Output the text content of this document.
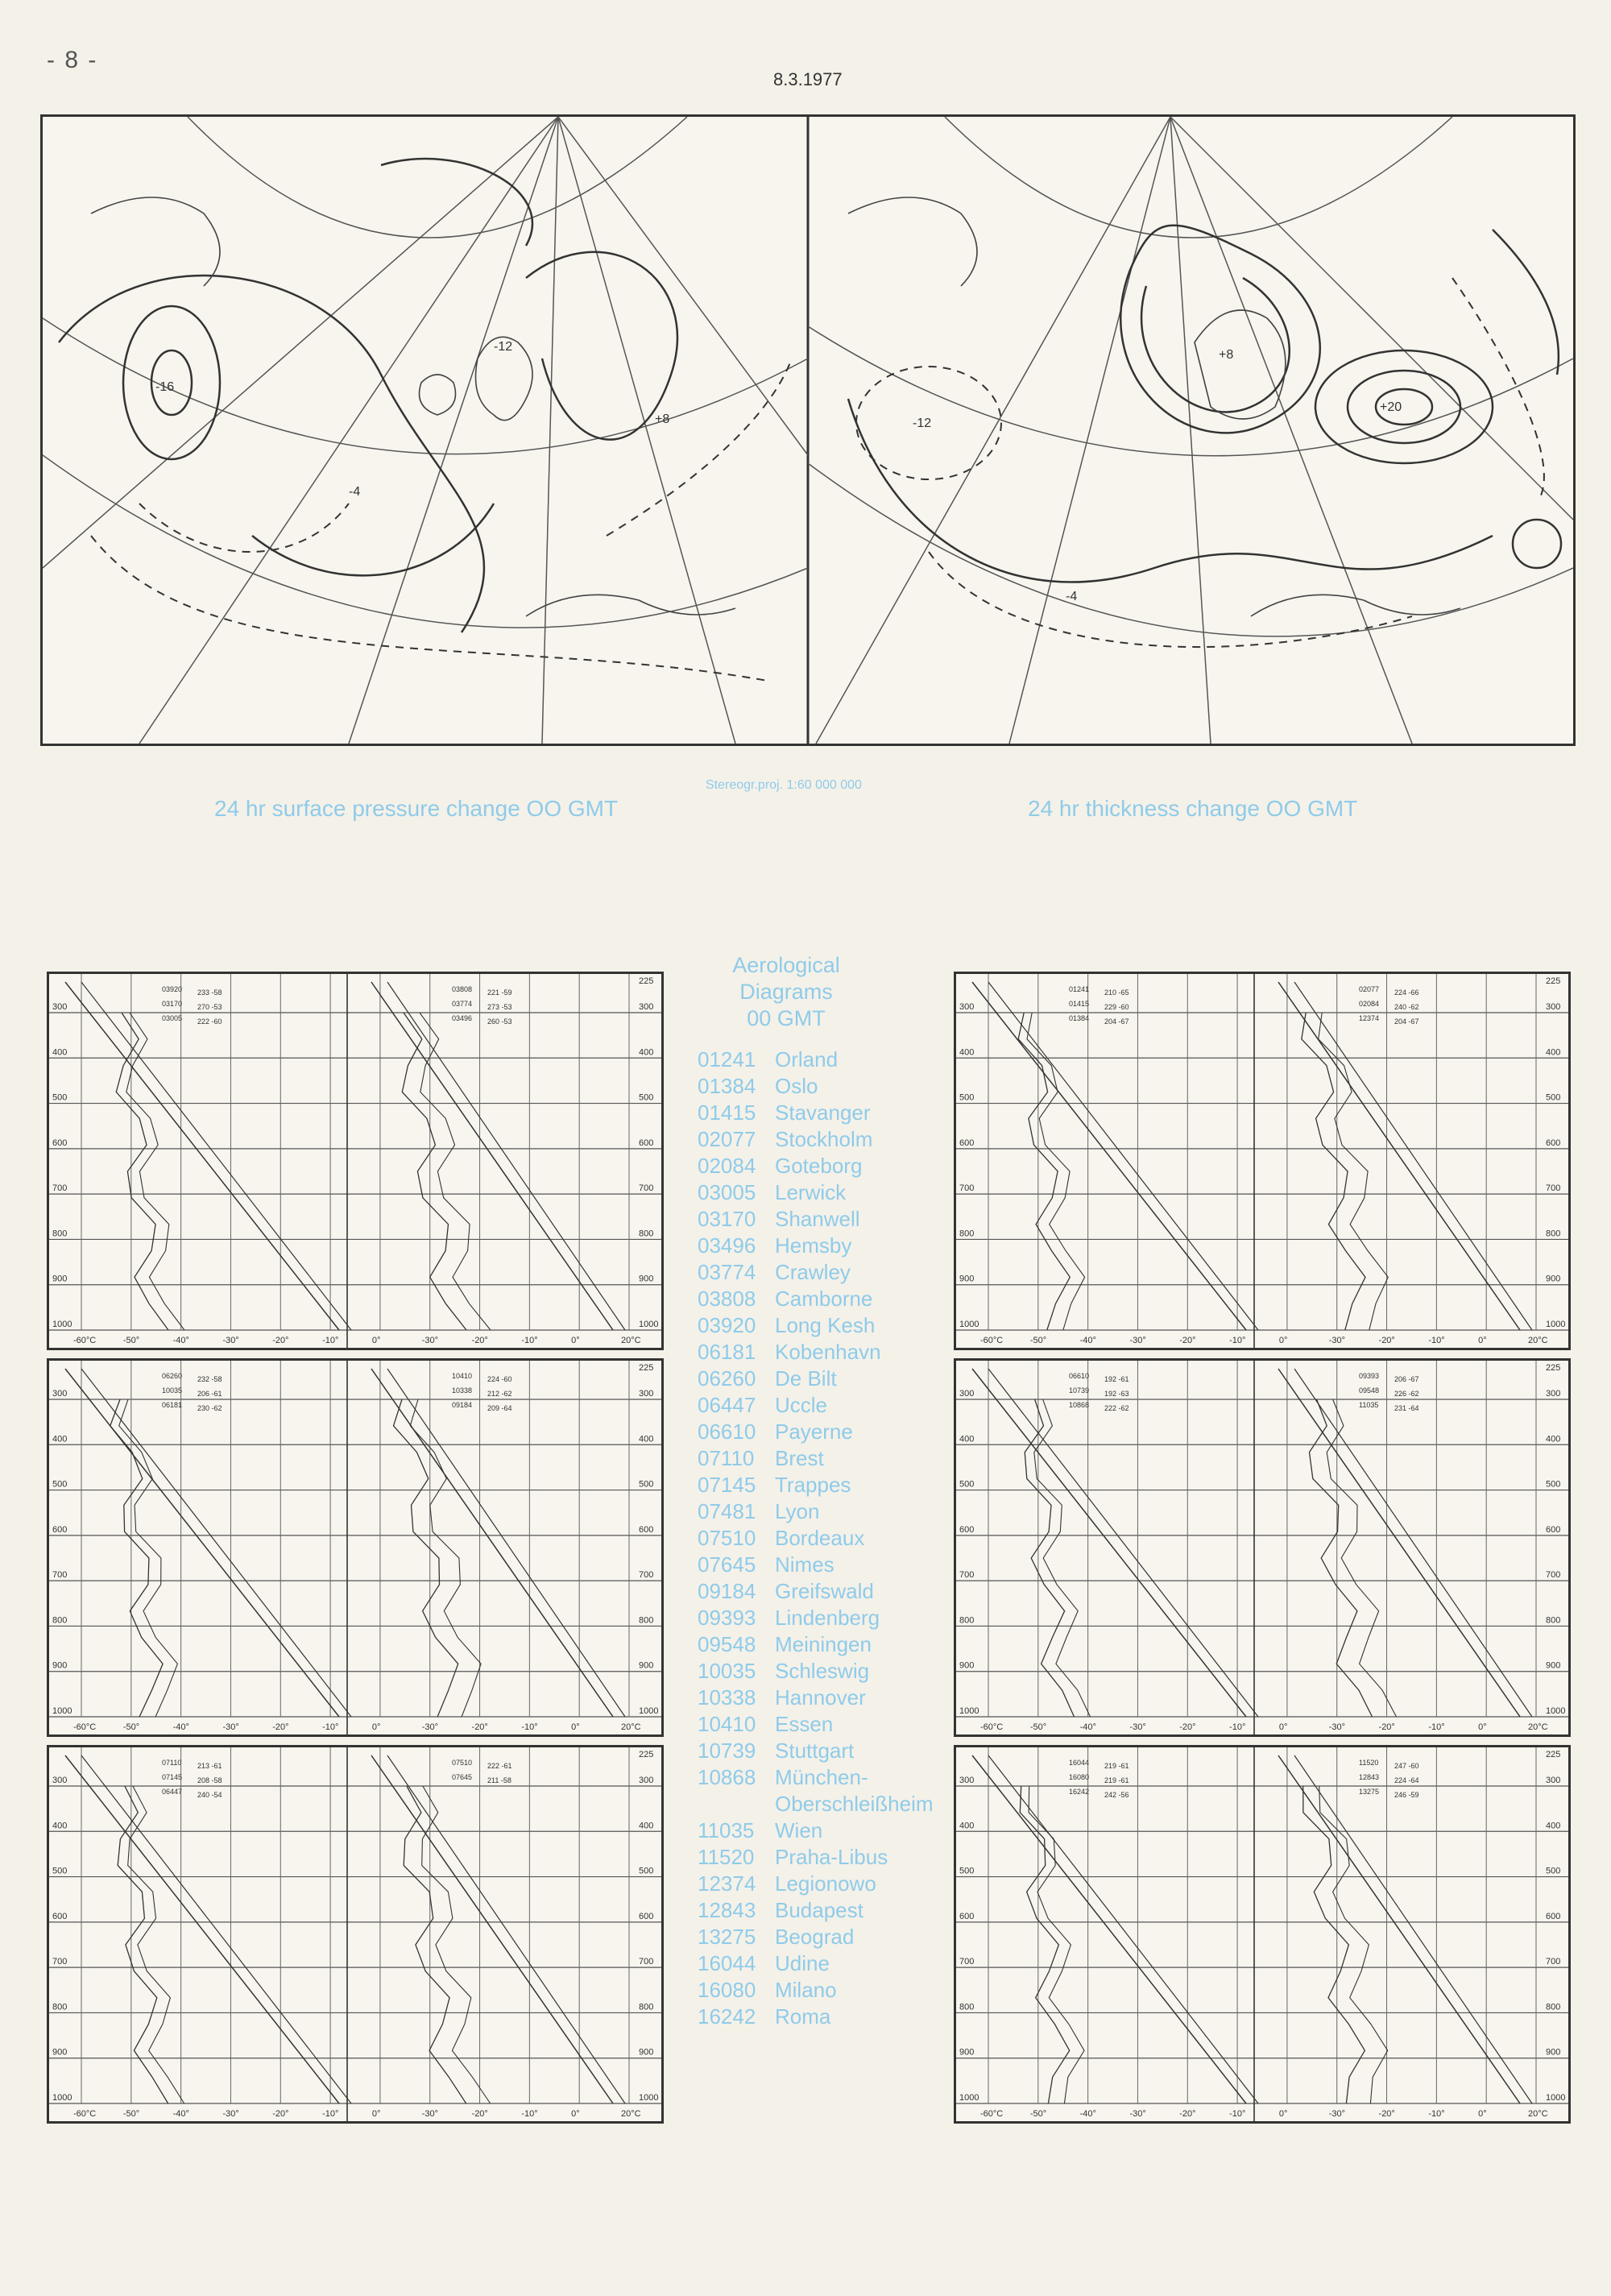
- 8 -
8.3.1977
-16
-12
-4
+8
+20
-12
+8
-4
Stereogr.proj. 1:60 000 000
24 hr surface pressure change OO GMT	24 hr thickness change OO GMT
300	300
400	400
500	500
600	600
700	700
800	800
900	900
1000	1000
225
-60°C	-50°	-40°	-30°	-20°	-10°	0°	-30°	-20°	-10°	0°	20°C
03920 233 -58
03170 270 -53
03005 222 -60
03808 221 -59
03774 273 -53
03496 260 -53
300	300
400	400
500	500
600	600
700	700
800	800
900	900
1000	1000
225
-60°C	-50°	-40°	-30°	-20°	-10°	0°	-30°	-20°	-10°	0°	20°C
06260 232 -58
10035 206 -61
06181 230 -62
10410 224 -60
10338 212 -62
09184 209 -64
300	300
400	400
500	500
600	600
700	700
800	800
900	900
1000	1000
225
-60°C	-50°	-40°	-30°	-20°	-10°	0°	-30°	-20°	-10°	0°	20°C
07110 213 -61
07145 208 -58
06447 240 -54
07510 222 -61
07645 211 -58
300	300
400	400
500	500
600	600
700	700
800	800
900	900
1000	1000
225
-60°C	-50°	-40°	-30°	-20°	-10°	0°	-30°	-20°	-10°	0°	20°C
01241 210 -65
01415 229 -60
01384 204 -67
02077 224 -66
02084 240 -62
12374 204 -67
300	300
400	400
500	500
600	600
700	700
800	800
900	900
1000	1000
225
-60°C	-50°	-40°	-30°	-20°	-10°	0°	-30°	-20°	-10°	0°	20°C
06610 192 -61
10739 192 -63
10868 222 -62
09393 206 -67
09548 226 -62
11035 231 -64
300	300
400	400
500	500
600	600
700	700
800	800
900	900
1000	1000
225
-60°C	-50°	-40°	-30°	-20°	-10°	0°	-30°	-20°	-10°	0°	20°C
16044 219 -61
16080 219 -61
16242 242 -56
11520 247 -60
12843 224 -64
13275 246 -59
Aerological
Diagrams
00 GMT
01241 Orland
01384 Oslo
01415 Stavanger
02077 Stockholm
02084 Goteborg
03005 Lerwick
03170 Shanwell
03496 Hemsby
03774 Crawley
03808 Camborne
03920 Long Kesh
06181 Kobenhavn
06260 De Bilt
06447 Uccle
06610 Payerne
07110 Brest
07145 Trappes
07481 Lyon
07510 Bordeaux
07645 Nimes
09184 Greifswald
09393 Lindenberg
09548 Meiningen
10035 Schleswig
10338 Hannover
10410 Essen
10739 Stuttgart
10868 München-
Oberschleißheim
11035 Wien
11520 Praha-Libus
12374 Legionowo
12843 Budapest
13275 Beograd
16044 Udine
16080 Milano
16242 Roma
